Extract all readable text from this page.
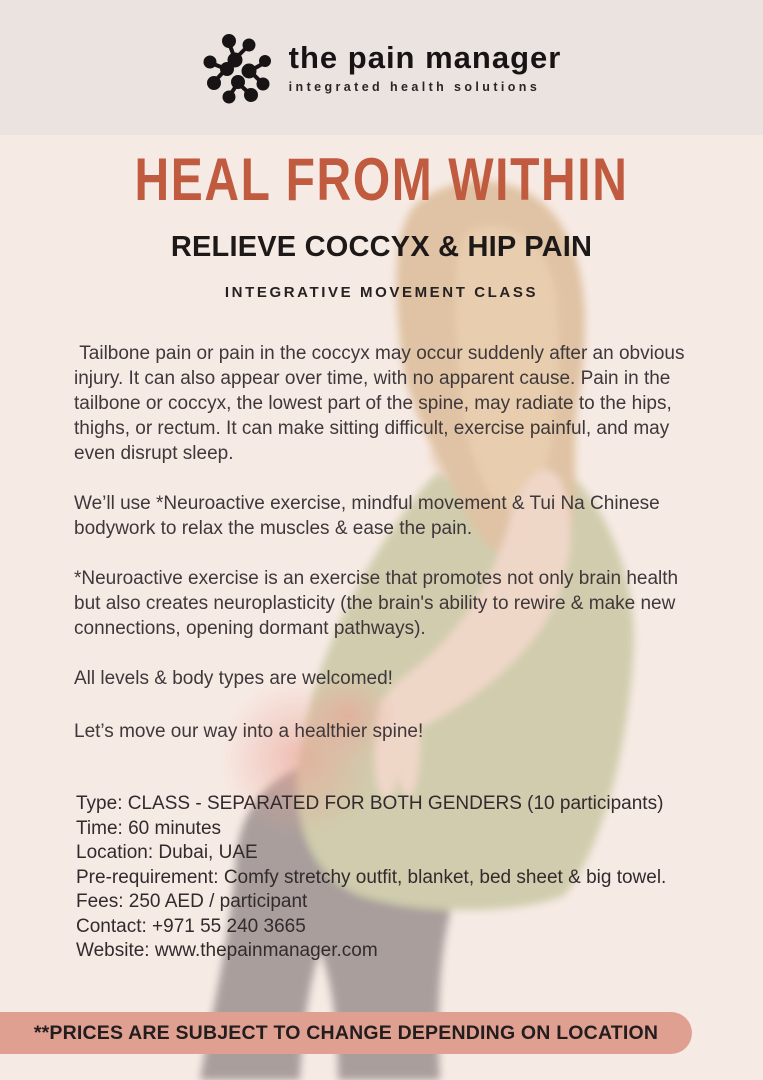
the pain manager
integrated health solutions
HEAL FROM WITHIN
RELIEVE COCCYX & HIP PAIN
INTEGRATIVE MOVEMENT CLASS

Tailbone pain or pain in the coccyx may occur suddenly after an obvious injury. It can also appear over time, with no apparent cause. Pain in the tailbone or coccyx, the lowest part of the spine, may radiate to the hips, thighs, or rectum. It can make sitting difficult, exercise painful, and may even disrupt sleep.

We’ll use *Neuroactive exercise, mindful movement & Tui Na Chinese bodywork to relax the muscles & ease the pain.

*Neuroactive exercise is an exercise that promotes not only brain health but also creates neuroplasticity (the brain's ability to rewire & make new connections, opening dormant pathways).

All levels & body types are welcomed!

Let’s move our way into a healthier spine!

Type: CLASS - SEPARATED FOR BOTH GENDERS (10 participants)
Time: 60 minutes
Location: Dubai, UAE
Pre-requirement: Comfy stretchy outfit, blanket, bed sheet & big towel.
Fees: 250 AED / participant
Contact: +971 55 240 3665
Website: www.thepainmanager.com
**PRICES ARE SUBJECT TO CHANGE DEPENDING ON LOCATION
